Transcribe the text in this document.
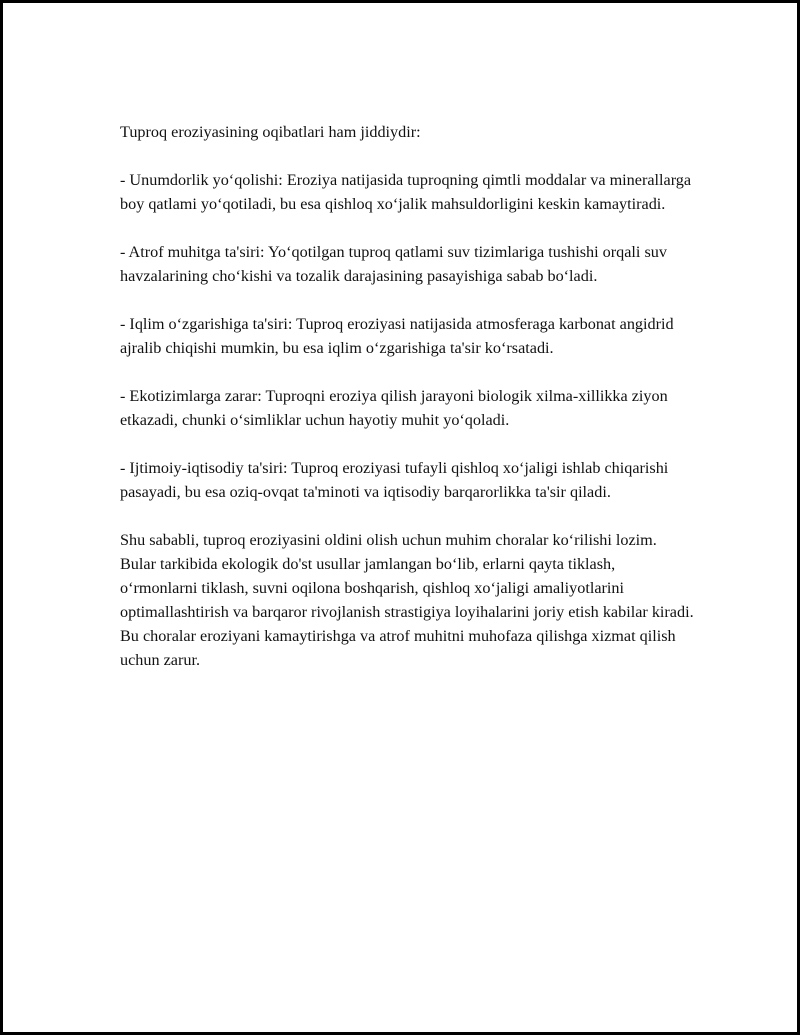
Tuproq eroziyasining oqibatlari ham jiddiydir:

- Unumdorlik yo‘qolishi: Eroziya natijasida tuproqning qimtli moddalar va minerallarga boy qatlami yo‘qotiladi, bu esa qishloq xo‘jalik mahsuldorligini keskin kamaytiradi.

- Atrof muhitga ta'siri: Yo‘qotilgan tuproq qatlami suv tizimlariga tushishi orqali suv havzalarining cho‘kishi va tozalik darajasining pasayishiga sabab bo‘ladi.

- Iqlim o‘zgarishiga ta'siri: Tuproq eroziyasi natijasida atmosferaga karbonat angidrid ajralib chiqishi mumkin, bu esa iqlim o‘zgarishiga ta'sir ko‘rsatadi.

- Ekotizimlarga zarar: Tuproqni eroziya qilish jarayoni biologik xilma-xillikka ziyon etkazadi, chunki o‘simliklar uchun hayotiy muhit yo‘qoladi.

- Ijtimoiy-iqtisodiy ta'siri: Tuproq eroziyasi tufayli qishloq xo‘jaligi ishlab chiqarishi pasayadi, bu esa oziq-ovqat ta'minoti va iqtisodiy barqarorlikka ta'sir qiladi.

Shu sababli, tuproq eroziyasini oldini olish uchun muhim choralar ko‘rilishi lozim. Bular tarkibida ekologik do'st usullar jamlangan bo‘lib, erlarni qayta tiklash, o‘rmonlarni tiklash, suvni oqilona boshqarish, qishloq xo‘jaligi amaliyotlarini optimallashtirish va barqaror rivojlanish strastigiya loyihalarini joriy etish kabilar kiradi. Bu choralar eroziyani kamaytirishga va atrof muhitni muhofaza qilishga xizmat qilish uchun zarur.
